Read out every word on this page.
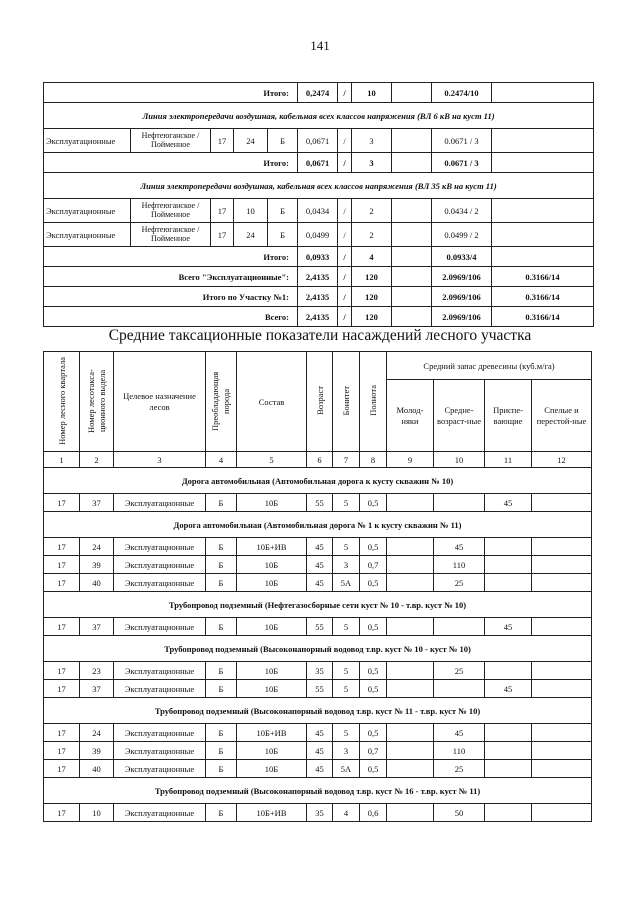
141
Итого:					0,2474	/	10		0.2474/10	
Линия электропередачи воздушная, кабельная всех классов напряжения (ВЛ 6 кВ на куст 11)										
Эксплуатационные	Нефтеюганское / Пойменное	17	24	Б	0,0671	/	3		0.0671 / 3	
Итого:					0,0671	/	3		0.0671 / 3	
Линия электропередачи воздушная, кабельная всех классов напряжения (ВЛ 35 кВ на куст 11)										
Эксплуатационные	Нефтеюганское / Пойменное	17	10	Б	0,0434	/	2		0.0434 / 2	
Эксплуатационные	Нефтеюганское / Пойменное	17	24	Б	0,0499	/	2		0.0499 / 2	
Итого:					0,0933	/	4		0.0933/4	
Всего "Эксплуатационные":					2,4135	/	120		2.0969/106	0.3166/14
Итого по Участку №1:					2,4135	/	120		2.0969/106	0.3166/14
Всего:					2,4135	/	120		2.0969/106	0.3166/14
Средние таксационные показатели насаждений лесного участка
Номер лесного квартала	Номер лесотакса-ционного выдела	Целевое назначение лесов	Преобладающая порода	Состав	Возраст	Бонитет	Полнота	Средний запас древесины (куб.м/га)			
								Молод-няки	Средне-возраст-ные	Приспе-вающие	Спелые и перестой-ные
1	2	3	4	5	6	7	8	9	10	11	12
Дорога автомобильная (Автомобильная дорога к кусту скважин № 10)											
17	37	Эксплуатационные	Б	10Б	55	5	0,5			45	
Дорога автомобильная (Автомобильная дорога № 1 к кусту скважин № 11)											
17	24	Эксплуатационные	Б	10Б+ИВ	45	5	0,5		45		
17	39	Эксплуатационные	Б	10Б	45	3	0,7		110		
17	40	Эксплуатационные	Б	10Б	45	5А	0,5		25		
Трубопровод подземный (Нефтегазосборные сети куст № 10 - т.вр. куст № 10)											
17	37	Эксплуатационные	Б	10Б	55	5	0,5			45	
Трубопровод подземный (Высоконапорный водовод т.вр. куст № 10 - куст № 10)											
17	23	Эксплуатационные	Б	10Б	35	5	0,5		25		
17	37	Эксплуатационные	Б	10Б	55	5	0,5			45	
Трубопровод подземный (Высоконапорный водовод т.вр. куст № 11 - т.вр. куст № 10)											
17	24	Эксплуатационные	Б	10Б+ИВ	45	5	0,5		45		
17	39	Эксплуатационные	Б	10Б	45	3	0,7		110		
17	40	Эксплуатационные	Б	10Б	45	5А	0,5		25		
Трубопровод подземный (Высоконапорный водовод т.вр. куст № 16 - т.вр. куст № 11)											
17	10	Эксплуатационные	Б	10Б+ИВ	35	4	0,6		50		
